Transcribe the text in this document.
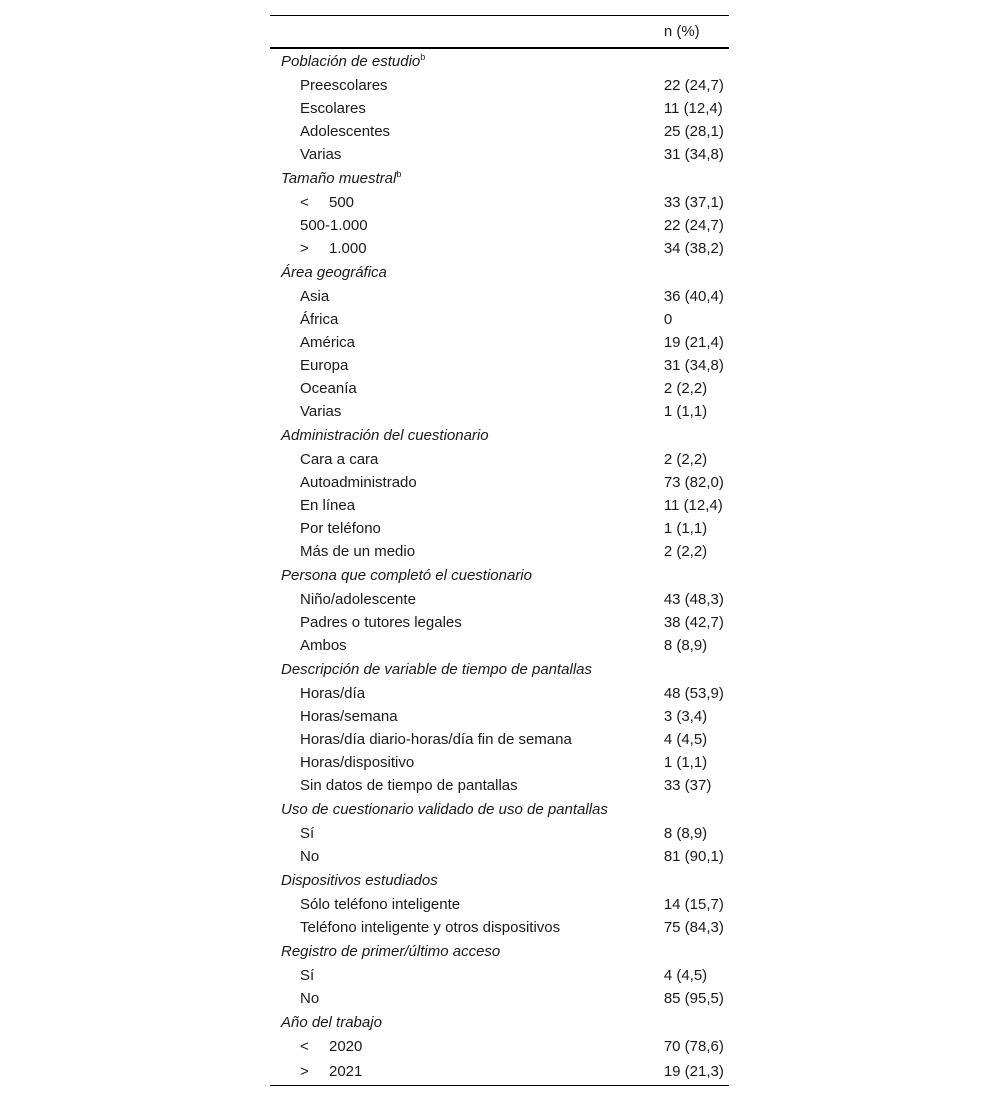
	n (%)
Población de estudio$^b$
Preescolares	22 (24,7)
Escolares	11 (12,4)
Adolescentes	25 (28,1)
Varias	31 (34,8)
Tamaño muestral$^b$
< 500	33 (37,1)
500-1.000	22 (24,7)
> 1.000	34 (38,2)
Área geográfica	
Asia	36 (40,4)
África	0
América	19 (21,4)
Europa	31 (34,8)
Oceanía	2 (2,2)
Varias	1 (1,1)
Administración del cuestionario	
Cara a cara	2 (2,2)
Autoadministrado	73 (82,0)
En línea	11 (12,4)
Por teléfono	1 (1,1)
Más de un medio	2 (2,2)
Persona que completó el cuestionario	
Niño/adolescente	43 (48,3)
Padres o tutores legales	38 (42,7)
Ambos	8 (8,9)
Descripción de variable de tiempo de pantallas	
Horas/día	48 (53,9)
Horas/semana	3 (3,4)
Horas/día diario-horas/día fin de semana	4 (4,5)
Horas/dispositivo	1 (1,1)
Sin datos de tiempo de pantallas	33 (37)
Uso de cuestionario validado de uso de pantallas	
Sí	8 (8,9)
No	81 (90,1)
Dispositivos estudiados	
Sólo teléfono inteligente	14 (15,7)
Teléfono inteligente y otros dispositivos	75 (84,3)
Registro de primer/último acceso	
Sí	4 (4,5)
No	85 (95,5)
Año del trabajo	
< 2020	70 (78,6)
> 2021	19 (21,3)
